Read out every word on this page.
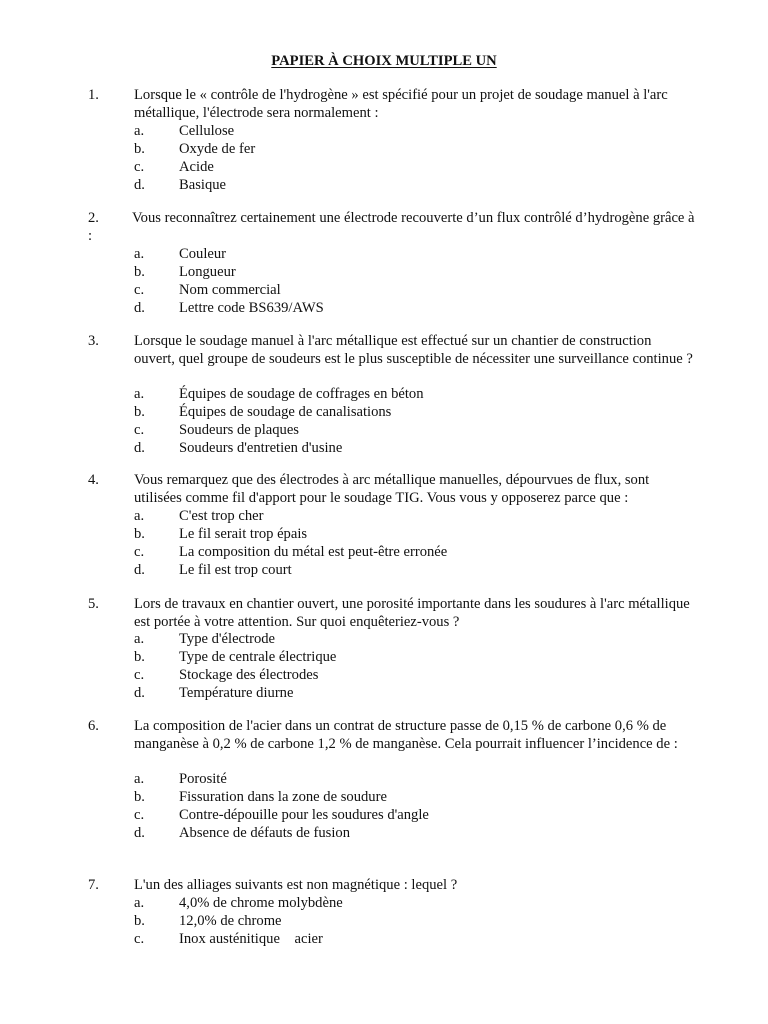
PAPIER À CHOIX MULTIPLE UN
1. Lorsque le « contrôle de l'hydrogène » est spécifié pour un projet de soudage manuel à l'arc métallique, l'électrode sera normalement :
a. Cellulose
b. Oxyde de fer
c. Acide
d. Basique
2. Vous reconnaîtrez certainement une électrode recouverte d’un flux contrôlé d’hydrogène grâce à :
a. Couleur
b. Longueur
c. Nom commercial
d. Lettre code BS639/AWS
3. Lorsque le soudage manuel à l'arc métallique est effectué sur un chantier de construction ouvert, quel groupe de soudeurs est le plus susceptible de nécessiter une surveillance continue ?
a. Équipes de soudage de coffrages en béton
b. Équipes de soudage de canalisations
c. Soudeurs de plaques
d. Soudeurs d'entretien d'usine
4. Vous remarquez que des électrodes à arc métallique manuelles, dépourvues de flux, sont utilisées comme fil d'apport pour le soudage TIG. Vous vous y opposerez parce que :
a. C'est trop cher
b. Le fil serait trop épais
c. La composition du métal est peut-être erronée
d. Le fil est trop court
5. Lors de travaux en chantier ouvert, une porosité importante dans les soudures à l'arc métallique est portée à votre attention. Sur quoi enquêteriez-vous ?
a. Type d'électrode
b. Type de centrale électrique
c. Stockage des électrodes
d. Température diurne
6. La composition de l'acier dans un contrat de structure passe de 0,15 % de carbone 0,6 % de manganèse à 0,2 % de carbone 1,2 % de manganèse. Cela pourrait influencer l’incidence de :
a. Porosité
b. Fissuration dans la zone de soudure
c. Contre-dépouille pour les soudures d'angle
d. Absence de défauts de fusion
7. L'un des alliages suivants est non magnétique : lequel ?
a. 4,0% de chrome molybdène
b. 12,0% de chrome
c. Inox austénitique    acier
